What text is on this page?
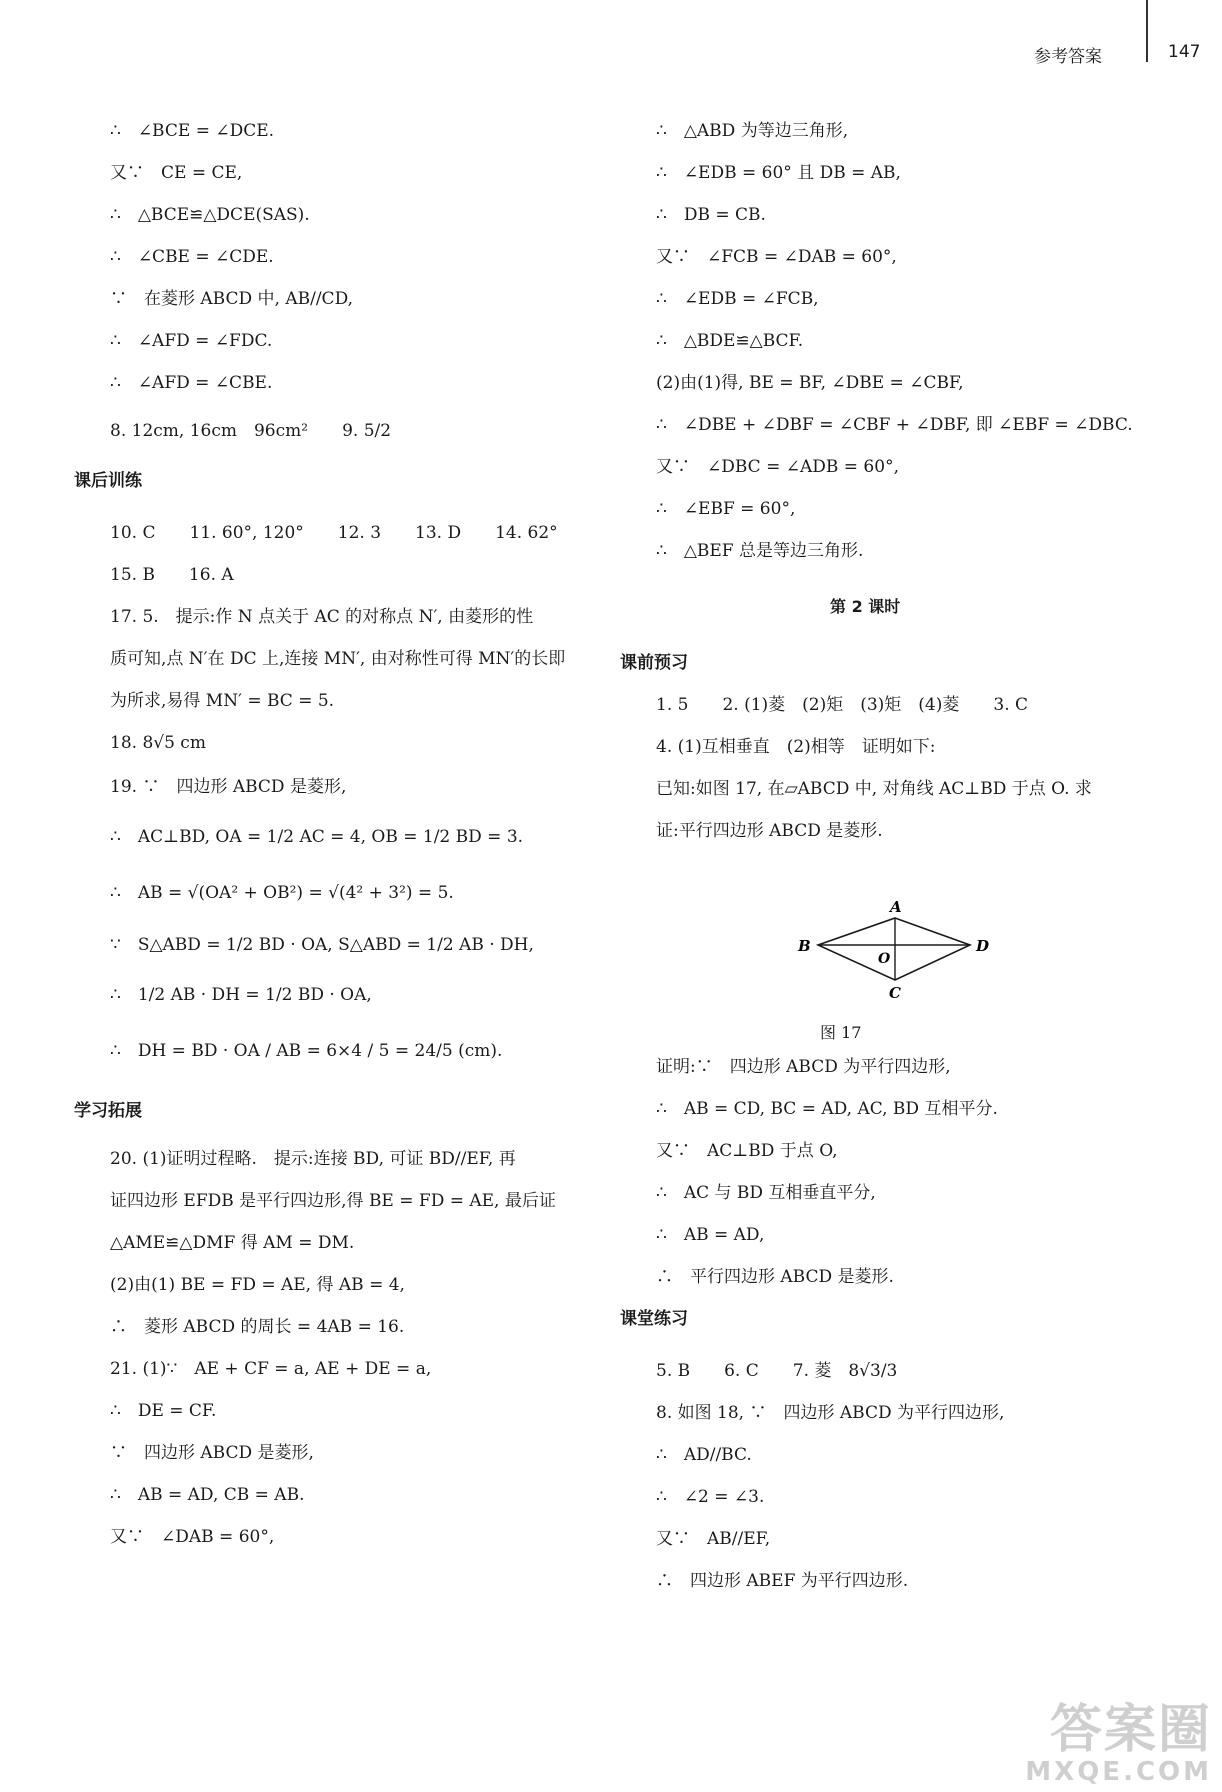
参考答案	147
∴　∠BCE = ∠DCE.
又∵　CE = CE,
∴　△BCE≌△DCE(SAS).
∴　∠CBE = ∠CDE.
∵　在菱形 ABCD 中, AB//CD,
∴　∠AFD = ∠FDC.
∴　∠AFD = ∠CBE.
8. 12cm, 16cm　96cm²　　9. 5/2
课后训练
10. C　　11. 60°, 120°　　12. 3　　13. D　　14. 62°
15. B　　16. A
17. 5.　提示:作 N 点关于 AC 的对称点 N′, 由菱形的性
质可知,点 N′在 DC 上,连接 MN′, 由对称性可得 MN′的长即
为所求,易得 MN′ = BC = 5.
18. 8√5 cm
19. ∵　四边形 ABCD 是菱形,
∴　AC⊥BD, OA = 1/2 AC = 4, OB = 1/2 BD = 3.
∴　AB = √(OA² + OB²) = √(4² + 3²) = 5.
∵　S△ABD = 1/2 BD · OA, S△ABD = 1/2 AB · DH,
∴　1/2 AB · DH = 1/2 BD · OA,
∴　DH = BD · OA / AB = 6×4 / 5 = 24/5 (cm).
学习拓展
20. (1)证明过程略.　提示:连接 BD, 可证 BD//EF, 再
证四边形 EFDB 是平行四边形,得 BE = FD = AE, 最后证
△AME≌△DMF 得 AM = DM.
(2)由(1) BE = FD = AE, 得 AB = 4,
∴　菱形 ABCD 的周长 = 4AB = 16.
21. (1)∵　AE + CF = a, AE + DE = a,
∴　DE = CF.
∵　四边形 ABCD 是菱形,
∴　AB = AD, CB = AB.
又∵　∠DAB = 60°,
∴　△ABD 为等边三角形,
∴　∠EDB = 60° 且 DB = AB,
∴　DB = CB.
又∵　∠FCB = ∠DAB = 60°,
∴　∠EDB = ∠FCB,
∴　△BDE≌△BCF.
(2)由(1)得, BE = BF, ∠DBE = ∠CBF,
∴　∠DBE + ∠DBF = ∠CBF + ∠DBF, 即 ∠EBF = ∠DBC.
又∵　∠DBC = ∠ADB = 60°,
∴　∠EBF = 60°,
∴　△BEF 总是等边三角形.
第 2 课时
课前预习
1. 5　　2. (1)菱　(2)矩　(3)矩　(4)菱　　3. C
4. (1)互相垂直　(2)相等　证明如下:
已知:如图 17, 在▱ABCD 中, 对角线 AC⊥BD 于点 O. 求
证:平行四边形 ABCD 是菱形.
图 17
证明:∵　四边形 ABCD 为平行四边形,
∴　AB = CD, BC = AD, AC, BD 互相平分.
又∵　AC⊥BD 于点 O,
∴　AC 与 BD 互相垂直平分,
∴　AB = AD,
∴　平行四边形 ABCD 是菱形.
课堂练习
5. B　　6. C　　7. 菱　8√3/3
8. 如图 18, ∵　四边形 ABCD 为平行四边形,
∴　AD//BC.
∴　∠2 = ∠3.
又∵　AB//EF,
∴　四边形 ABEF 为平行四边形.
A
B	D
O
C
答案圈
MXQE.COM
